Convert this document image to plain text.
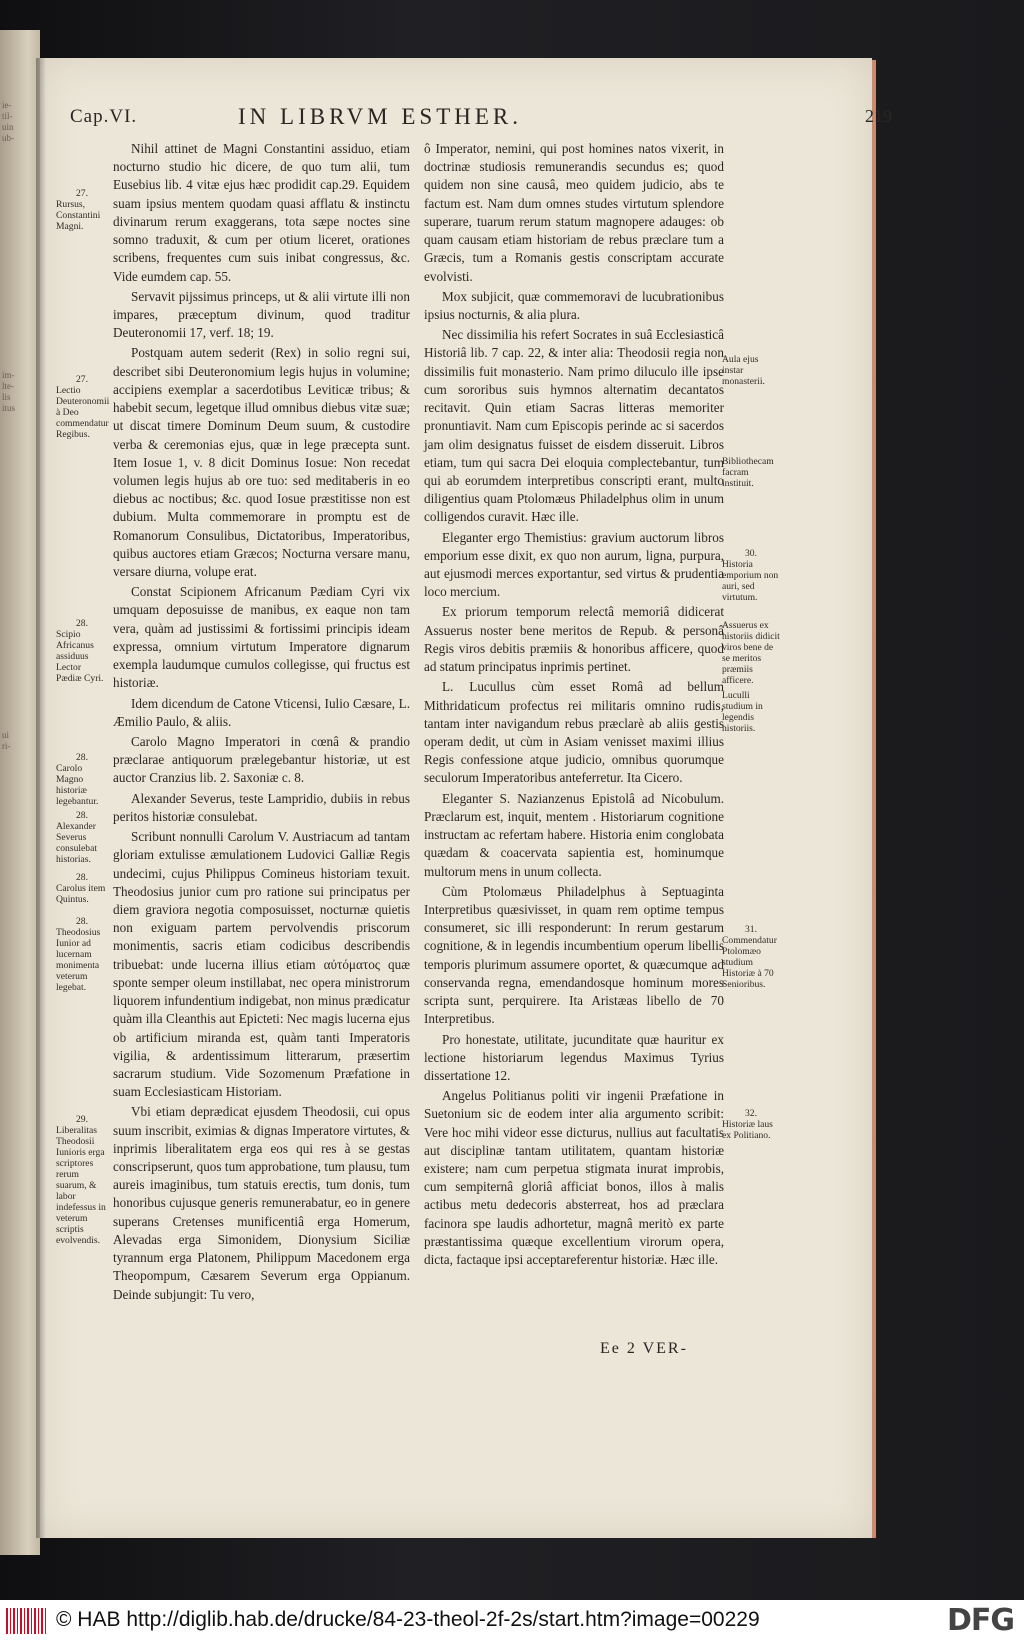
ie-
til-
uin
ub-
im-
lte-
lis
itus
ui
ri-
Cap.VI.	IN LIBRVM ESTHER.	219

Nihil attinet de Magni Constantini assiduo, etiam nocturno studio hic dicere, de quo tum alii, tum Eusebius lib. 4 vitæ ejus hæc prodidit cap.29. Equidem suam ipsius mentem quodam quasi afflatu & instinctu divinarum rerum exaggerans, tota sæpe noctes sine somno traduxit, & cum per otium liceret, orationes scribens, frequentes cum suis inibat congressus, &c. Vide eumdem cap. 55.

Servavit pijssimus princeps, ut & alii virtute illi non impares, præceptum divinum, quod traditur Deuteronomii 17, verf. 18; 19.

Postquam autem sederit (Rex) in solio regni sui, describet sibi Deuteronomium legis hujus in volumine; accipiens exemplar a sacerdotibus Leviticæ tribus; & habebit secum, legetque illud omnibus diebus vitæ suæ; ut discat timere Dominum Deum suum, & custodire verba & ceremonias ejus, quæ in lege præcepta sunt. Item Iosue 1, v. 8 dicit Dominus Iosue: Non recedat volumen legis hujus ab ore tuo: sed meditaberis in eo diebus ac noctibus; &c. quod Iosue præstitisse non est dubium. Multa commemorare in promptu est de Romanorum Consulibus, Dictatoribus, Imperatoribus, quibus auctores etiam Græcos; Nocturna versare manu, versare diurna, volupe erat.

Constat Scipionem Africanum Pædiam Cyri vix umquam deposuisse de manibus, ex eaque non tam vera, quàm ad justissimi & fortissimi principis ideam expressa, omnium virtutum Imperatore dignarum exempla laudumque cumulos collegisse, qui fructus est historiæ.

Idem dicendum de Catone Vticensi, Iulio Cæsare, L. Æmilio Paulo, & aliis.

Carolo Magno Imperatori in cœnâ & prandio præclarae antiquorum prælegebantur historiæ, ut est auctor Cranzius lib. 2. Saxoniæ c. 8.

Alexander Severus, teste Lampridio, dubiis in rebus peritos historiæ consulebat.

Scribunt nonnulli Carolum V. Austriacum ad tantam gloriam extulisse æmulationem Ludovici Galliæ Regis undecimi, cujus Philippus Comineus historiam texuit. Theodosius junior cum pro ratione sui principatus per diem graviora negotia composuisset, nocturnæ quietis non exiguam partem pervolvendis priscorum monimentis, sacris etiam codicibus describendis tribuebat: unde lucerna illius etiam αὐτόματος quæ sponte semper oleum instillabat, nec opera ministrorum liquorem infundentium indigebat, non minus prædicatur quàm illa Cleanthis aut Epicteti: Nec magis lucerna ejus ob artificium miranda est, quàm tanti Imperatoris vigilia, & ardentissimum litterarum, præsertim sacrarum studium. Vide Sozomenum Præfatione in suam Ecclesiasticam Historiam.

Vbi etiam deprædicat ejusdem Theodosii, cui opus suum inscribit, eximias & dignas Imperatore virtutes, & inprimis liberalitatem erga eos qui res à se gestas conscripserunt, quos tum approbatione, tum plausu, tum aureis imaginibus, tum statuis erectis, tum donis, tum honoribus cujusque generis remunerabatur, eo in genere superans Cretenses munificentiâ erga Homerum, Alevadas erga Simonidem, Dionysium Siciliæ tyrannum erga Platonem, Philippum Macedonem erga Theopompum, Cæsarem Severum erga Oppianum. Deinde subjungit: Tu vero,

ô Imperator, nemini, qui post homines natos vixerit, in doctrinæ studiosis remunerandis secundus es; quod quidem non sine causâ, meo quidem judicio, abs te factum est. Nam dum omnes studes virtutum splendore superare, tuarum rerum statum magnopere adauges: ob quam causam etiam historiam de rebus præclare tum a Græcis, tum a Romanis gestis conscriptam accurate evolvisti.

Mox subjicit, quæ commemoravi de lucubrationibus ipsius nocturnis, & alia plura.

Nec dissimilia his refert Socrates in suâ Ecclesiasticâ Historiâ lib. 7 cap. 22, & inter alia: Theodosii regia non dissimilis fuit monasterio. Nam primo diluculo ille ipse cum sororibus suis hymnos alternatim decantatos recitavit. Quin etiam Sacras litteras memoriter pronuntiavit. Nam cum Episcopis perinde ac si sacerdos jam olim designatus fuisset de eisdem disseruit. Libros etiam, tum qui sacra Dei eloquia complectebantur, tum qui ab eorumdem interpretibus conscripti erant, multo diligentius quam Ptolomæus Philadelphus olim in unum colligendos curavit. Hæc ille.

Eleganter ergo Themistius: gravium auctorum libros emporium esse dixit, ex quo non aurum, ligna, purpura, aut ejusmodi merces exportantur, sed virtus & prudentia loco mercium.

Ex priorum temporum relectâ memoriâ didicerat Assuerus noster bene meritos de Repub. & personâ Regis viros debitis præmiis & honoribus afficere, quod ad statum principatus inprimis pertinet.

L. Lucullus cùm esset Româ ad bellum Mithridaticum profectus rei militaris omnino rudis, tantam inter navigandum rebus præclarè ab aliis gestis operam dedit, ut cùm in Asiam venisset maximi illius Regis confessione atque judicio, omnibus quorumque seculorum Imperatoribus anteferretur. Ita Cicero.

Eleganter S. Nazianzenus Epistolâ ad Nicobulum. Præclarum est, inquit, mentem . Historiarum cognitione instructam ac refertam habere. Historia enim conglobata quædam & coacervata sapientia est, hominumque multorum mens in unum collecta.

Cùm Ptolomæus Philadelphus à Septuaginta Interpretibus quæsivisset, in quam rem optime tempus consumeret, sic illi responderunt: In rerum gestarum cognitione, & in legendis incumbentium operum libellis temporis plurimum assumere oportet, & quæcumque ad conservanda regna, emendandosque hominum mores scripta sunt, perquirere. Ita Aristæas libello de 70 Interpretibus.

Pro honestate, utilitate, jucunditate quæ hauritur ex lectione historiarum legendus Maximus Tyrius dissertatione 12.

Angelus Politianus politi vir ingenii Præfatione in Suetonium sic de eodem inter alia argumento scribit: Vere hoc mihi videor esse dicturus, nullius aut facultatis aut disciplinæ tantam utilitatem, quantam historiæ existere; nam cum perpetua stigmata inurat improbis, cum sempiternâ gloriâ afficiat bonos, illos à malis actibus metu dedecoris absterreat, hos ad præclara facinora spe laudis adhortetur, magnâ meritò ex parte præstantissima quæque excellentium virorum opera, dicta, factaque ipsi acceptareferentur historiæ. Hæc ille.

27.
Rursus, Constantini Magni.
27.
Lectio Deuteronomii à Deo commendatur Regibus.
28.
Scipio Africanus assiduus Lector Pædiæ Cyri.
28.
Carolo Magno historiæ legebantur.
28.
Alexander Severus consulebat historias.
28.
Carolus item Quintus.
28.
Theodosius Iunior ad lucernam monimenta veterum legebat.
29.
Liberalitas Theodosii Iunioris erga scriptores rerum suarum, & labor indefessus in veterum scriptis evolvendis.
Aula ejus instar monasterii.
Bibliothecam facram instituit.
30.
Historia emporium non auri, sed virtutum.
Assuerus ex historiis didicit viros bene de se meritos præmiis afficere.
Luculli studium in legendis historiis.
31.
Commendatur Ptolomæo studium Historiæ à 70 Senioribus.
32.
Historiæ laus ex Politiano.
Ee 2 VER-
© HAB http://diglib.hab.de/drucke/84-23-theol-2f-2s/start.htm?image=00229	DFG
